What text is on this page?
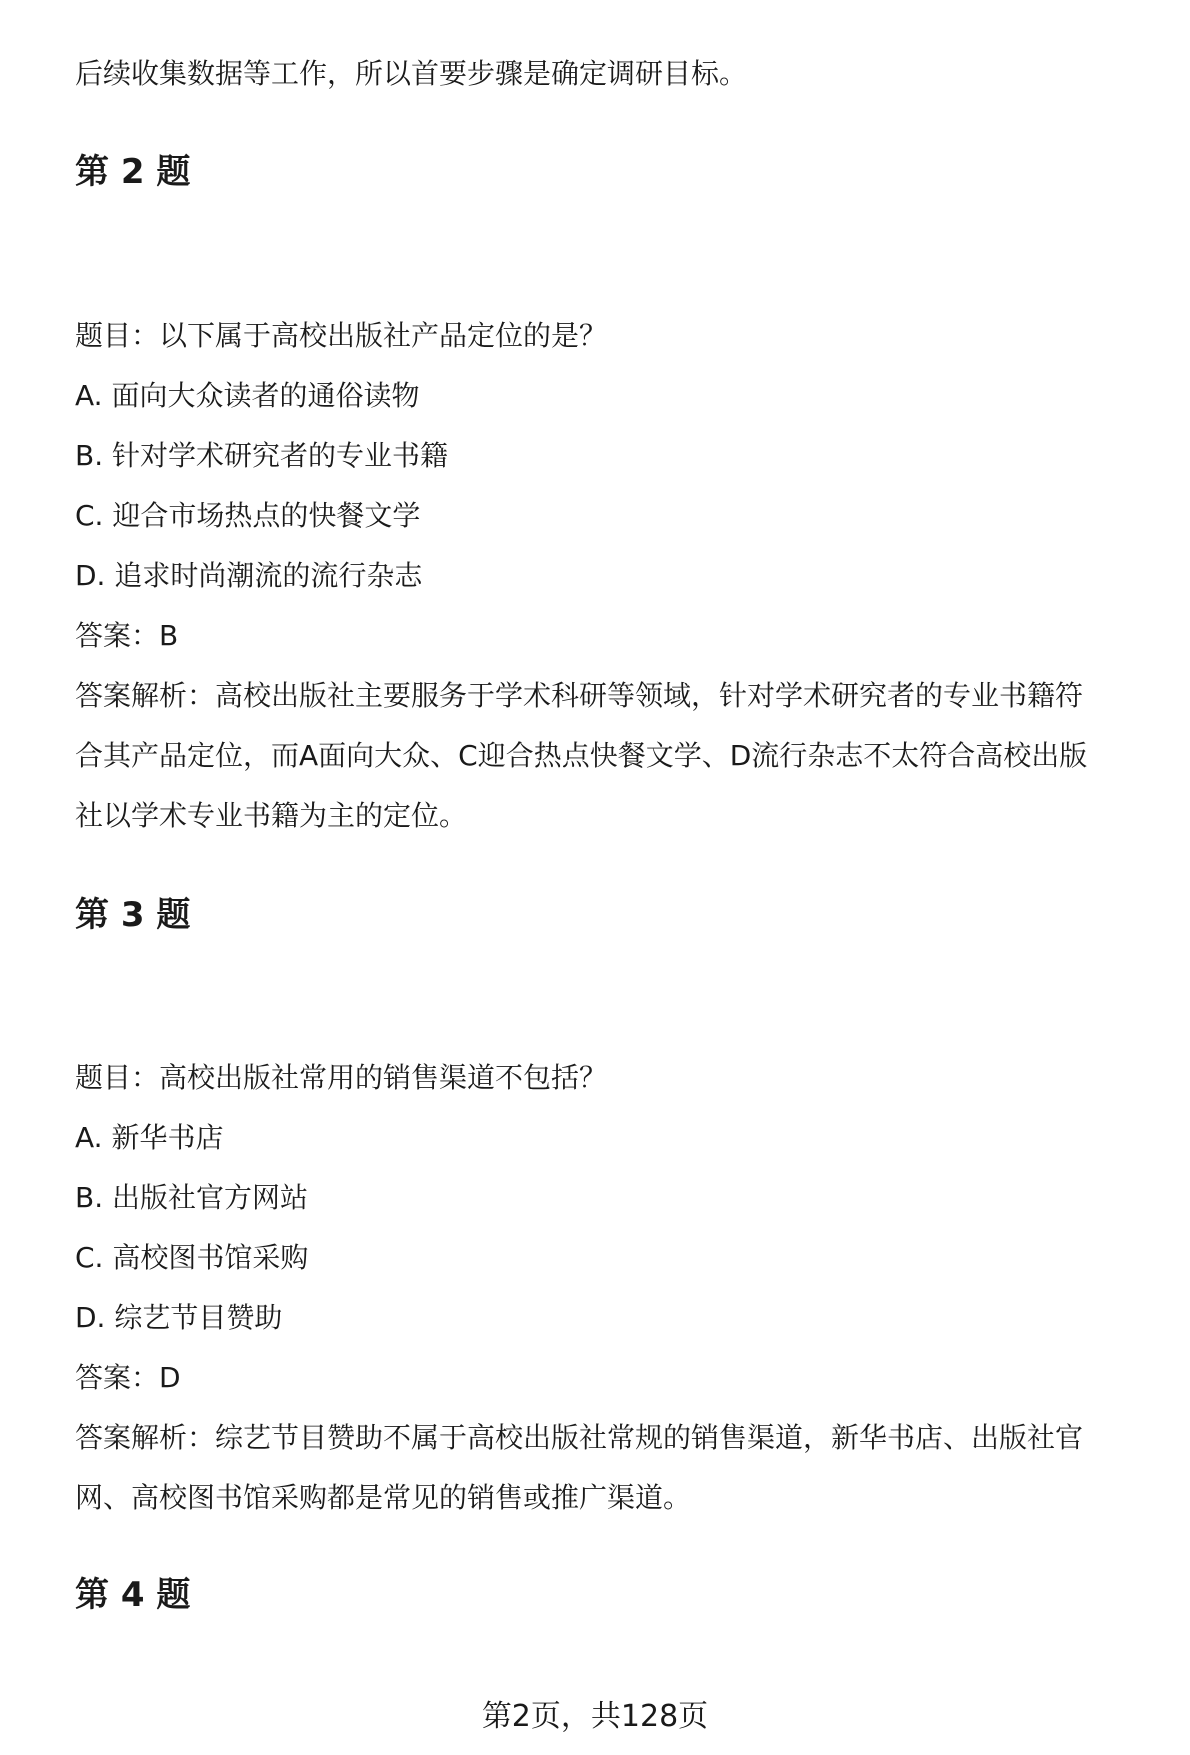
后续收集数据等工作，所以首要步骤是确定调研目标。

第 2 题

题目：以下属于高校出版社产品定位的是？

A. 面向大众读者的通俗读物

B. 针对学术研究者的专业书籍

C. 迎合市场热点的快餐文学

D. 追求时尚潮流的流行杂志

答案：B

答案解析：高校出版社主要服务于学术科研等领域，针对学术研究者的专业书籍符

合其产品定位，而A面向大众、C迎合热点快餐文学、D流行杂志不太符合高校出版

社以学术专业书籍为主的定位。

第 3 题

题目：高校出版社常用的销售渠道不包括？

A. 新华书店

B. 出版社官方网站

C. 高校图书馆采购

D. 综艺节目赞助

答案：D

答案解析：综艺节目赞助不属于高校出版社常规的销售渠道，新华书店、出版社官

网、高校图书馆采购都是常见的销售或推广渠道。

第 4 题
第2页，共128页
